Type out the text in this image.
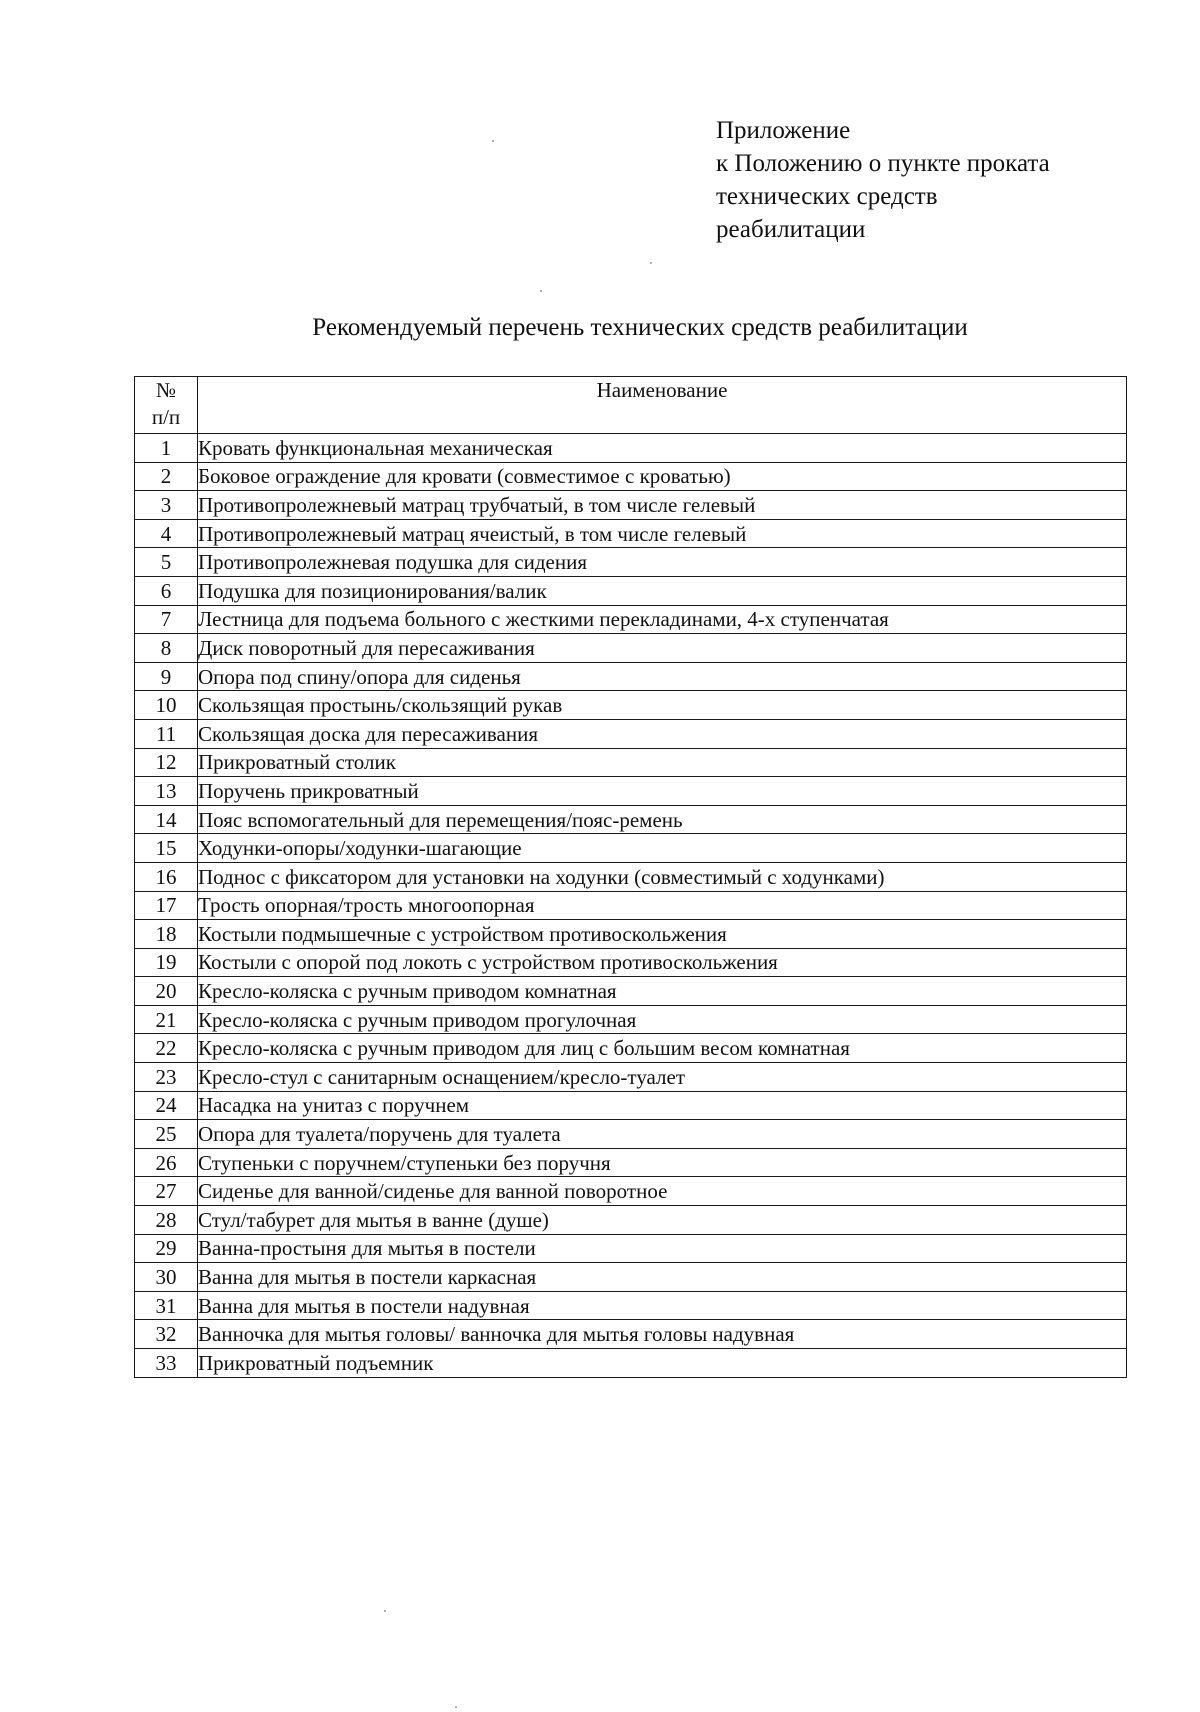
Приложение
к Положению о пункте проката
технических средств
реабилитации
Рекомендуемый перечень технических средств реабилитации
№
п/п	Наименование
1	Кровать функциональная механическая
2	Боковое ограждение для кровати (совместимое с кроватью)
3	Противопролежневый матрац трубчатый, в том числе гелевый
4	Противопролежневый матрац ячеистый, в том числе гелевый
5	Противопролежневая подушка для сидения
6	Подушка для позиционирования/валик
7	Лестница для подъема больного с жесткими перекладинами, 4-х ступенчатая
8	Диск поворотный для пересаживания
9	Опора под спину/опора для сиденья
10	Скользящая простынь/скользящий рукав
11	Скользящая доска для пересаживания
12	Прикроватный столик
13	Поручень прикроватный
14	Пояс вспомогательный для перемещения/пояс-ремень
15	Ходунки-опоры/ходунки-шагающие
16	Поднос с фиксатором для установки на ходунки (совместимый с ходунками)
17	Трость опорная/трость многоопорная
18	Костыли подмышечные с устройством противоскольжения
19	Костыли с опорой под локоть с устройством противоскольжения
20	Кресло-коляска с ручным приводом комнатная
21	Кресло-коляска с ручным приводом прогулочная
22	Кресло-коляска с ручным приводом для лиц с большим весом комнатная
23	Кресло-стул с санитарным оснащением/кресло-туалет
24	Насадка на унитаз с поручнем
25	Опора для туалета/поручень для туалета
26	Ступеньки с поручнем/ступеньки без поручня
27	Сиденье для ванной/сиденье для ванной поворотное
28	Стул/табурет для мытья в ванне (душе)
29	Ванна-простыня для мытья в постели
30	Ванна для мытья в постели каркасная
31	Ванна для мытья в постели надувная
32	Ванночка для мытья головы/ ванночка для мытья головы надувная
33	Прикроватный подъемник
